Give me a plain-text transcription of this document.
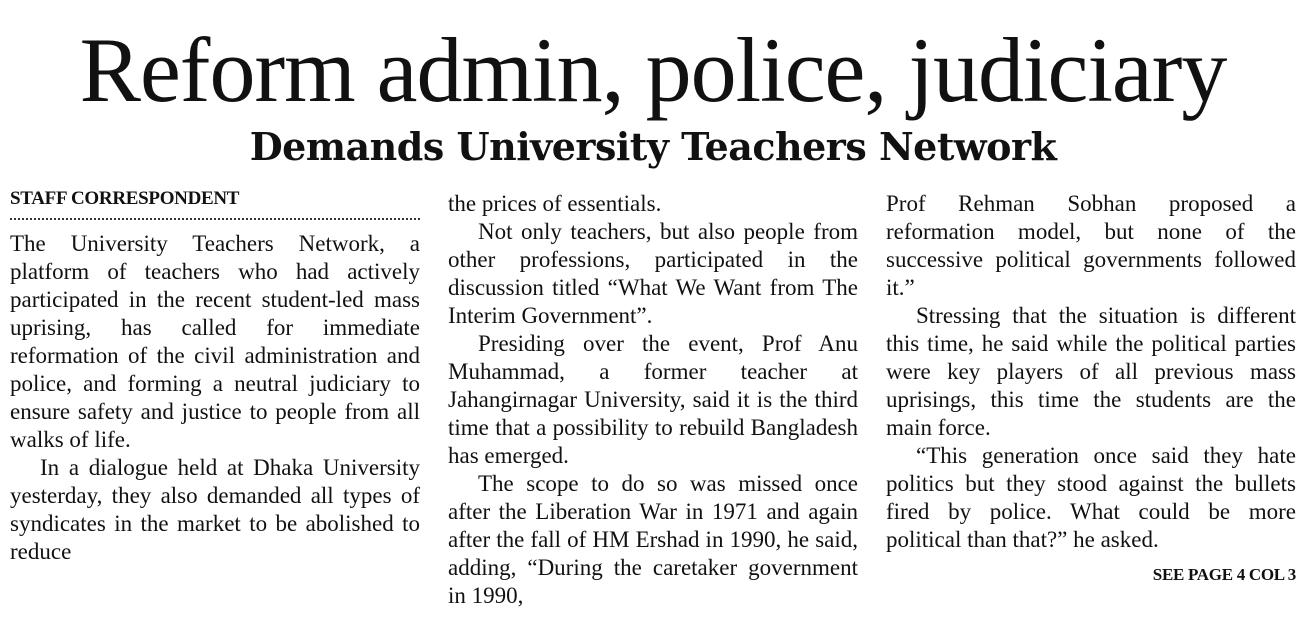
Reform admin, police, judiciary
Demands University Teachers Network
STAFF CORRESPONDENT

The University Teachers Network, a platform of teachers who had actively participated in the recent student-led mass uprising, has called for immediate reformation of the civil administration and police, and forming a neutral judiciary to ensure safety and justice to people from all walks of life.

In a dialogue held at Dhaka University yesterday, they also demanded all types of syndicates in the market to be abolished to reduce

the prices of essentials.

Not only teachers, but also people from other professions, participated in the discussion titled “What We Want from The Interim Government”.

Presiding over the event, Prof Anu Muhammad, a former teacher at Jahangirnagar University, said it is the third time that a possibility to rebuild Bangladesh has emerged.

The scope to do so was missed once after the Liberation War in 1971 and again after the fall of HM Ershad in 1990, he said, adding, “During the caretaker government in 1990,

Prof Rehman Sobhan proposed a reformation model, but none of the successive political governments followed it.”

Stressing that the situation is different this time, he said while the political parties were key players of all previous mass uprisings, this time the students are the main force.

“This generation once said they hate politics but they stood against the bullets fired by police. What could be more political than that?” he asked.

SEE PAGE 4 COL 3
